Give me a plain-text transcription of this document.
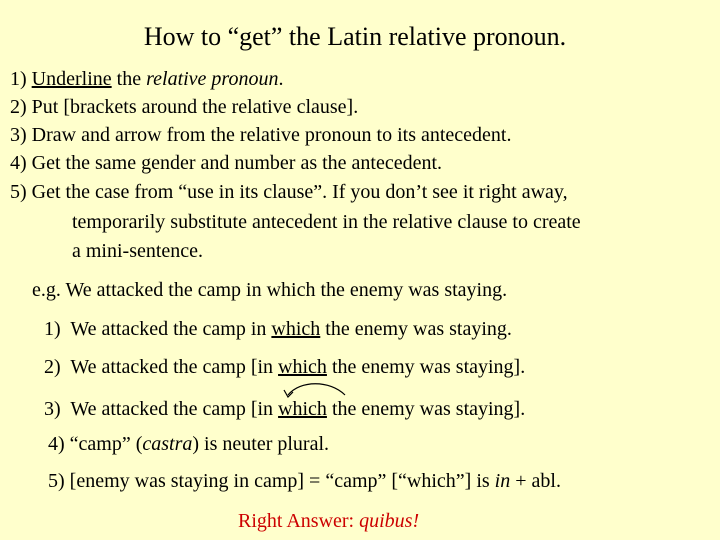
How to “get” the Latin relative pronoun.
1) Underline the relative pronoun.
2) Put [brackets around the relative clause].
3) Draw and arrow from the relative pronoun to its antecedent.
4) Get the same gender and number as the antecedent.
5) Get the case from “use in its clause”. If you don’t see it right away,
temporarily substitute antecedent in the relative clause to create
a mini-sentence.
e.g. We attacked the camp in which the enemy was staying.
1) We attacked the camp in which the enemy was staying.
2) We attacked the camp [in which the enemy was staying].
3) We attacked the camp [in which the enemy was staying].
4) “camp” (castra) is neuter plural.
5) [enemy was staying in camp] = “camp” [“which”] is in + abl.
Right Answer: quibus!
